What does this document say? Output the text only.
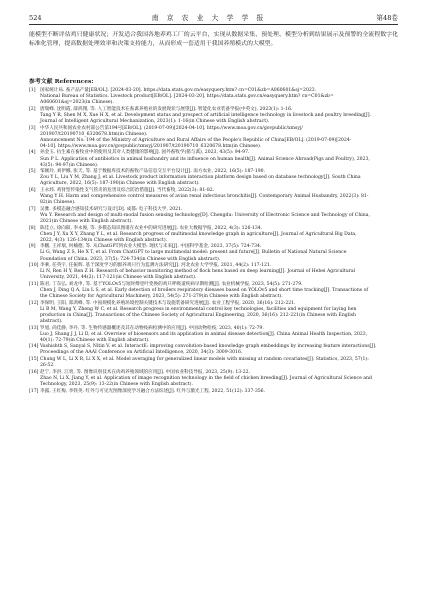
524	南 京 农 业 大 学 学 报	第48卷
能模型不断评估鸡只健康状况；开发适合我国各地养鸡工厂的云平台，实现从数据采集、预处理、模型分析到结果展示及预警的全流程数字化标准化管理，提高数据处理效率和决策支持能力，从而形成一套适用于我国养殖模式的大模型。
参考文献 References:
[1] 国家统计局. 畜产品产量[EB/OL]. [2024-03-20]. https://data.stats.gov.cn/easyquery.htm? cn=C01&zb=A060601&sj=2023.
National Bureau of Statistics. Livestock product[EB/OL]. [2024-03-20]. https://data.stats.gov.cn/easyquery.htm? cn=C01&zb=
A060601&sj=2023(in Chinese).
[2] 唐瑞峰, 沈明霞, 薛鸿翔, 等. 人工智能技术在畜禽养殖业的发展现状与展望[J]. 智能化农业装备学报(中英文), 2023(1): 1-16.
Tang Y R, Shen M X, Xue H X, et al. Development status and prospect of artificial intelligence technology in livestock and poultry breeding[J].
Journal of Intelligent Agricultural Mechanization, 2023(1): 1-16(in Chinese with English abstract).
[3] 中华人民共和国农业农村部公告第194号[EB/OL]. (2019-07-09)[2024-04-10]. https://www.moa.gov.cn/govpublic/xmsyj/
201907/t20190710_6320678.htm(in Chinese).
Announcement No. 194 of the Ministry of Agriculture and Rural Affairs of the People's Republic of China[EB/OL]. (2019-07-09)[2024-
04-10]. https://www.moa.gov.cn/govpublic/xmsyj/201907/t20190710_6320678.htm(in Chinese).
[4] 孙金玉. 抗生素在畜牧业中的使用及其对人类健康的影响[J]. 国外畜牧学(猪与禽), 2023, 43(5): 94-97.
Sun P L. Application of antibiotics in animal husbandry and its influence on human health[J]. Animal Science Abroad(Pigs and Poultry), 2023,
43(5): 94-97(in Chinese).
[5] 邹刚玲, 刘伊娜, 张天, 等. 基于数据库技术的畜牧产品信息交互平台设计[J]. 南方农业, 2022, 16(5): 187-190.
Zou Y L, Liu Y M, Zhang J, et al. Livestock product information interaction platform design based on database technology[J]. South China
Agriculture, 2022, 16(5): 187-190(in Chinese with English abstract).
[6] 王永炜. 鸡肾型传染性支气管炎的危害及综合防治措施[J]. 当代畜牧, 2022(3): 81-82.
Wang Y H. Harm and comprehensive control measures of avian renal infectious bronchitis[J]. Contemporary Animal Husbandry, 2022(3): 81-
82(in Chinese).
[7] 吴雅. 多模态融合感知技术研究与设计[D]. 成都: 电子科技大学, 2021.
Wu Y. Research and design of multi-modal fusion sensing technology[D]. Chengdu: University of Electronic Science and Technology of China,
2021(in Chinese with English abstract).
[8] 陈佳立, 徐向阳, 李永俊, 等. 多模态知识图谱在农业中的研究进展[J]. 农业大数据学报, 2022, 4(3): 126-134.
Chen J Y, Xu X Y, Zhang Y L, et al. Research progress of multimodal knowledge graph in agriculture[J]. Journal of Agricultural Big Data,
2022, 4(3): 126-134(in Chinese with English abstract).
[9] 李鹏, 王祥瑞, 何楠德, 等. 从ChatGPT到农业大模型: 现状与未来[J]. 中国科学基金, 2023, 37(5): 724-734.
Li G, Wang Z S, He X T, et al. From ChatGPT to large multimodal model: present and future[J]. Bulletin of National Natural Science
Foundation of China, 2023, 37(5): 724-734(in Chinese with English abstract).
[10] 李乘, 任英宇, 任振辉. 基于深度学习的群养鸡只行为监测方法研究[J]. 河北农业大学学报, 2021, 44(2): 117-121.
Li N, Ren H Y, Ren Z H. Research of behavior monitoring method of flock hens based on deep learning[J]. Journal of Hebei Agricultural
University, 2021, 44(2): 117-121(in Chinese with English abstract).
[11] 陈君, 丁东弘, 刘龙申, 等. 基于YOLOv5与短时傅里叶变换的鸡只呼吸道疾病早期检测[J]. 农业机械学报, 2023, 54(5): 271-279.
Chen J, Ding Q A, Liu L S, et al. Early detection of broilers respiratory diseases based on YOLOv5 and short time tracking[J]. Transactions of
the Chinese Society for Agricultural Machinery, 2023, 54(5): 271-279(in Chinese with English abstract).
[12] 李保明, 王阳, 郑鸿峰, 等. 中国规模化养殖环境控制关键技术与设施装备研究进展[J]. 农业工程学报, 2020, 36(16): 212-221.
Li B M, Wang Y, Zheng W C, et al. Research progress in environmental control key technologies, facilities and equipment for laying hen
production in China[J]. Transactions of the Chinese Society of Agricultural Engineering, 2020, 36(16): 212-221(in Chinese with English
abstract).
[13] 罗旭, 尚佳静, 李丹, 等. 生物传感器概述及其在动物疫病检测中的应用[J]. 中国动物检疫, 2023, 40(1): 72-79.
Luo J, Shang J J, Li D, et al. Overview of biosensors and its application in animal disease detection[J]. China Animal Health Inspection, 2023,
40(1): 72-79(in Chinese with English abstract).
[14] Vashishth S, Sanyal S, Nitin V, et al. InteractE: improving convolution-based knowledge graph embeddings by increasing feature interactions[J].
Proceedings of the AAAI Conference on Artificial Intelligence, 2020, 34(3): 3009-3016.
[15] Chung W L, Li X R, Li X X, et al. Model averaging for generalized linear models with missing at random covariates[J]. Statistics, 2023, 57(1):
26-52.
[16] 赵宁, 李洪, 江勇, 等. 图像识别技术在肉鸡养殖领域的应用[J]. 中国农业科技导报, 2023, 25(9): 13-22.
Zhao N, Li X, Jiang Y, et al. Application of image recognition technology in the field of chicken breeding[J]. Journal of Agricultural Science and
Technology, 2023, 25(9): 13-22(in Chinese with English abstract).
[17] 李露, 王红梅, 李铁英. 红外与可见光图像深度学习融合方法综述[J]. 红外与激光工程, 2022, 51(12): 337-356.
